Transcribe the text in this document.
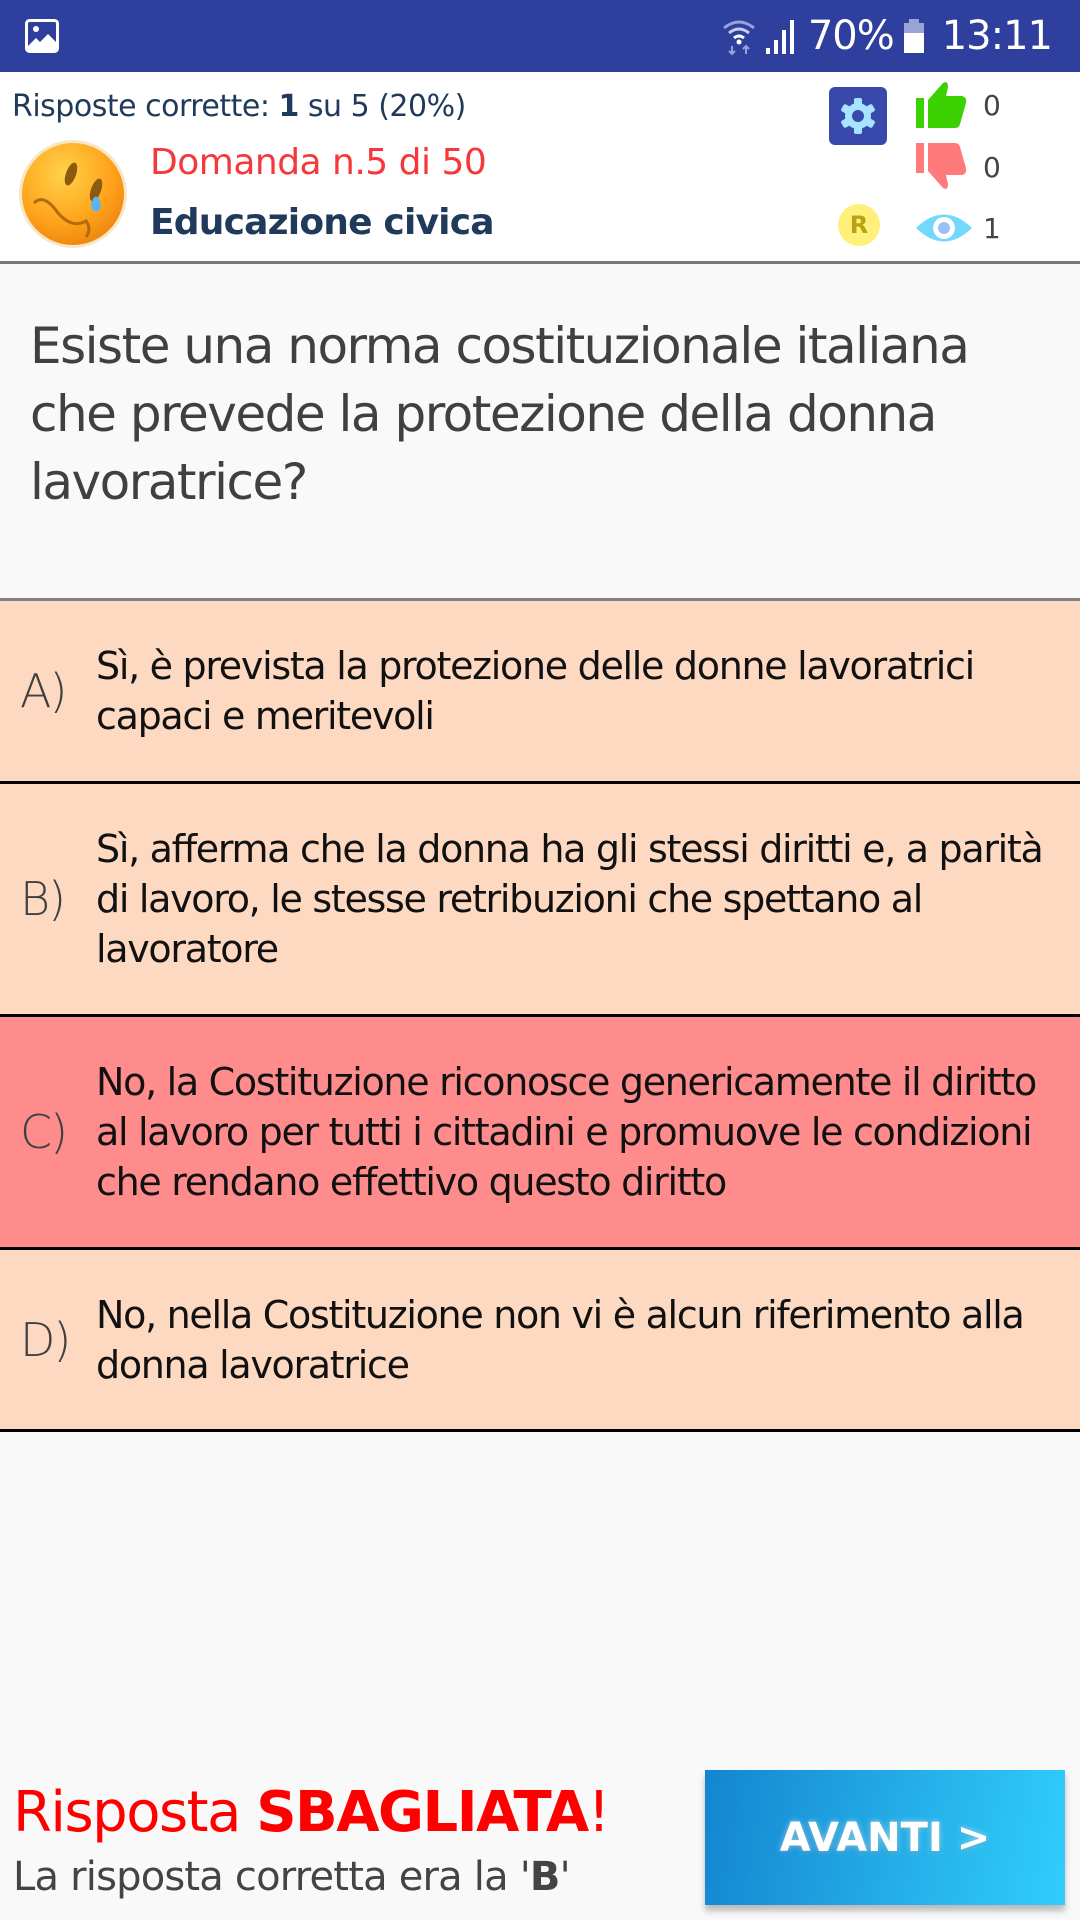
70% 13:11
Risposte corrette: 1 su 5 (20%)
Domanda n.5 di 50
Educazione civica	R
0
0
1
Esiste una norma costituzionale italiana che prevede la protezione della donna lavoratrice?
A) Sì, è prevista la protezione delle donne lavoratrici capaci e meritevoli
B)
Sì, afferma che la donna ha gli stessi diritti e, a parità di lavoro, le stesse retribuzioni che spettano al lavoratore
C)
No, la Costituzione riconosce genericamente il diritto al lavoro per tutti i cittadini e promuove le condizioni che rendano effettivo questo diritto
D) No, nella Costituzione non vi è alcun riferimento alla donna lavoratrice
Risposta SBAGLIATA!
La risposta corretta era la 'B'
AVANTI >
